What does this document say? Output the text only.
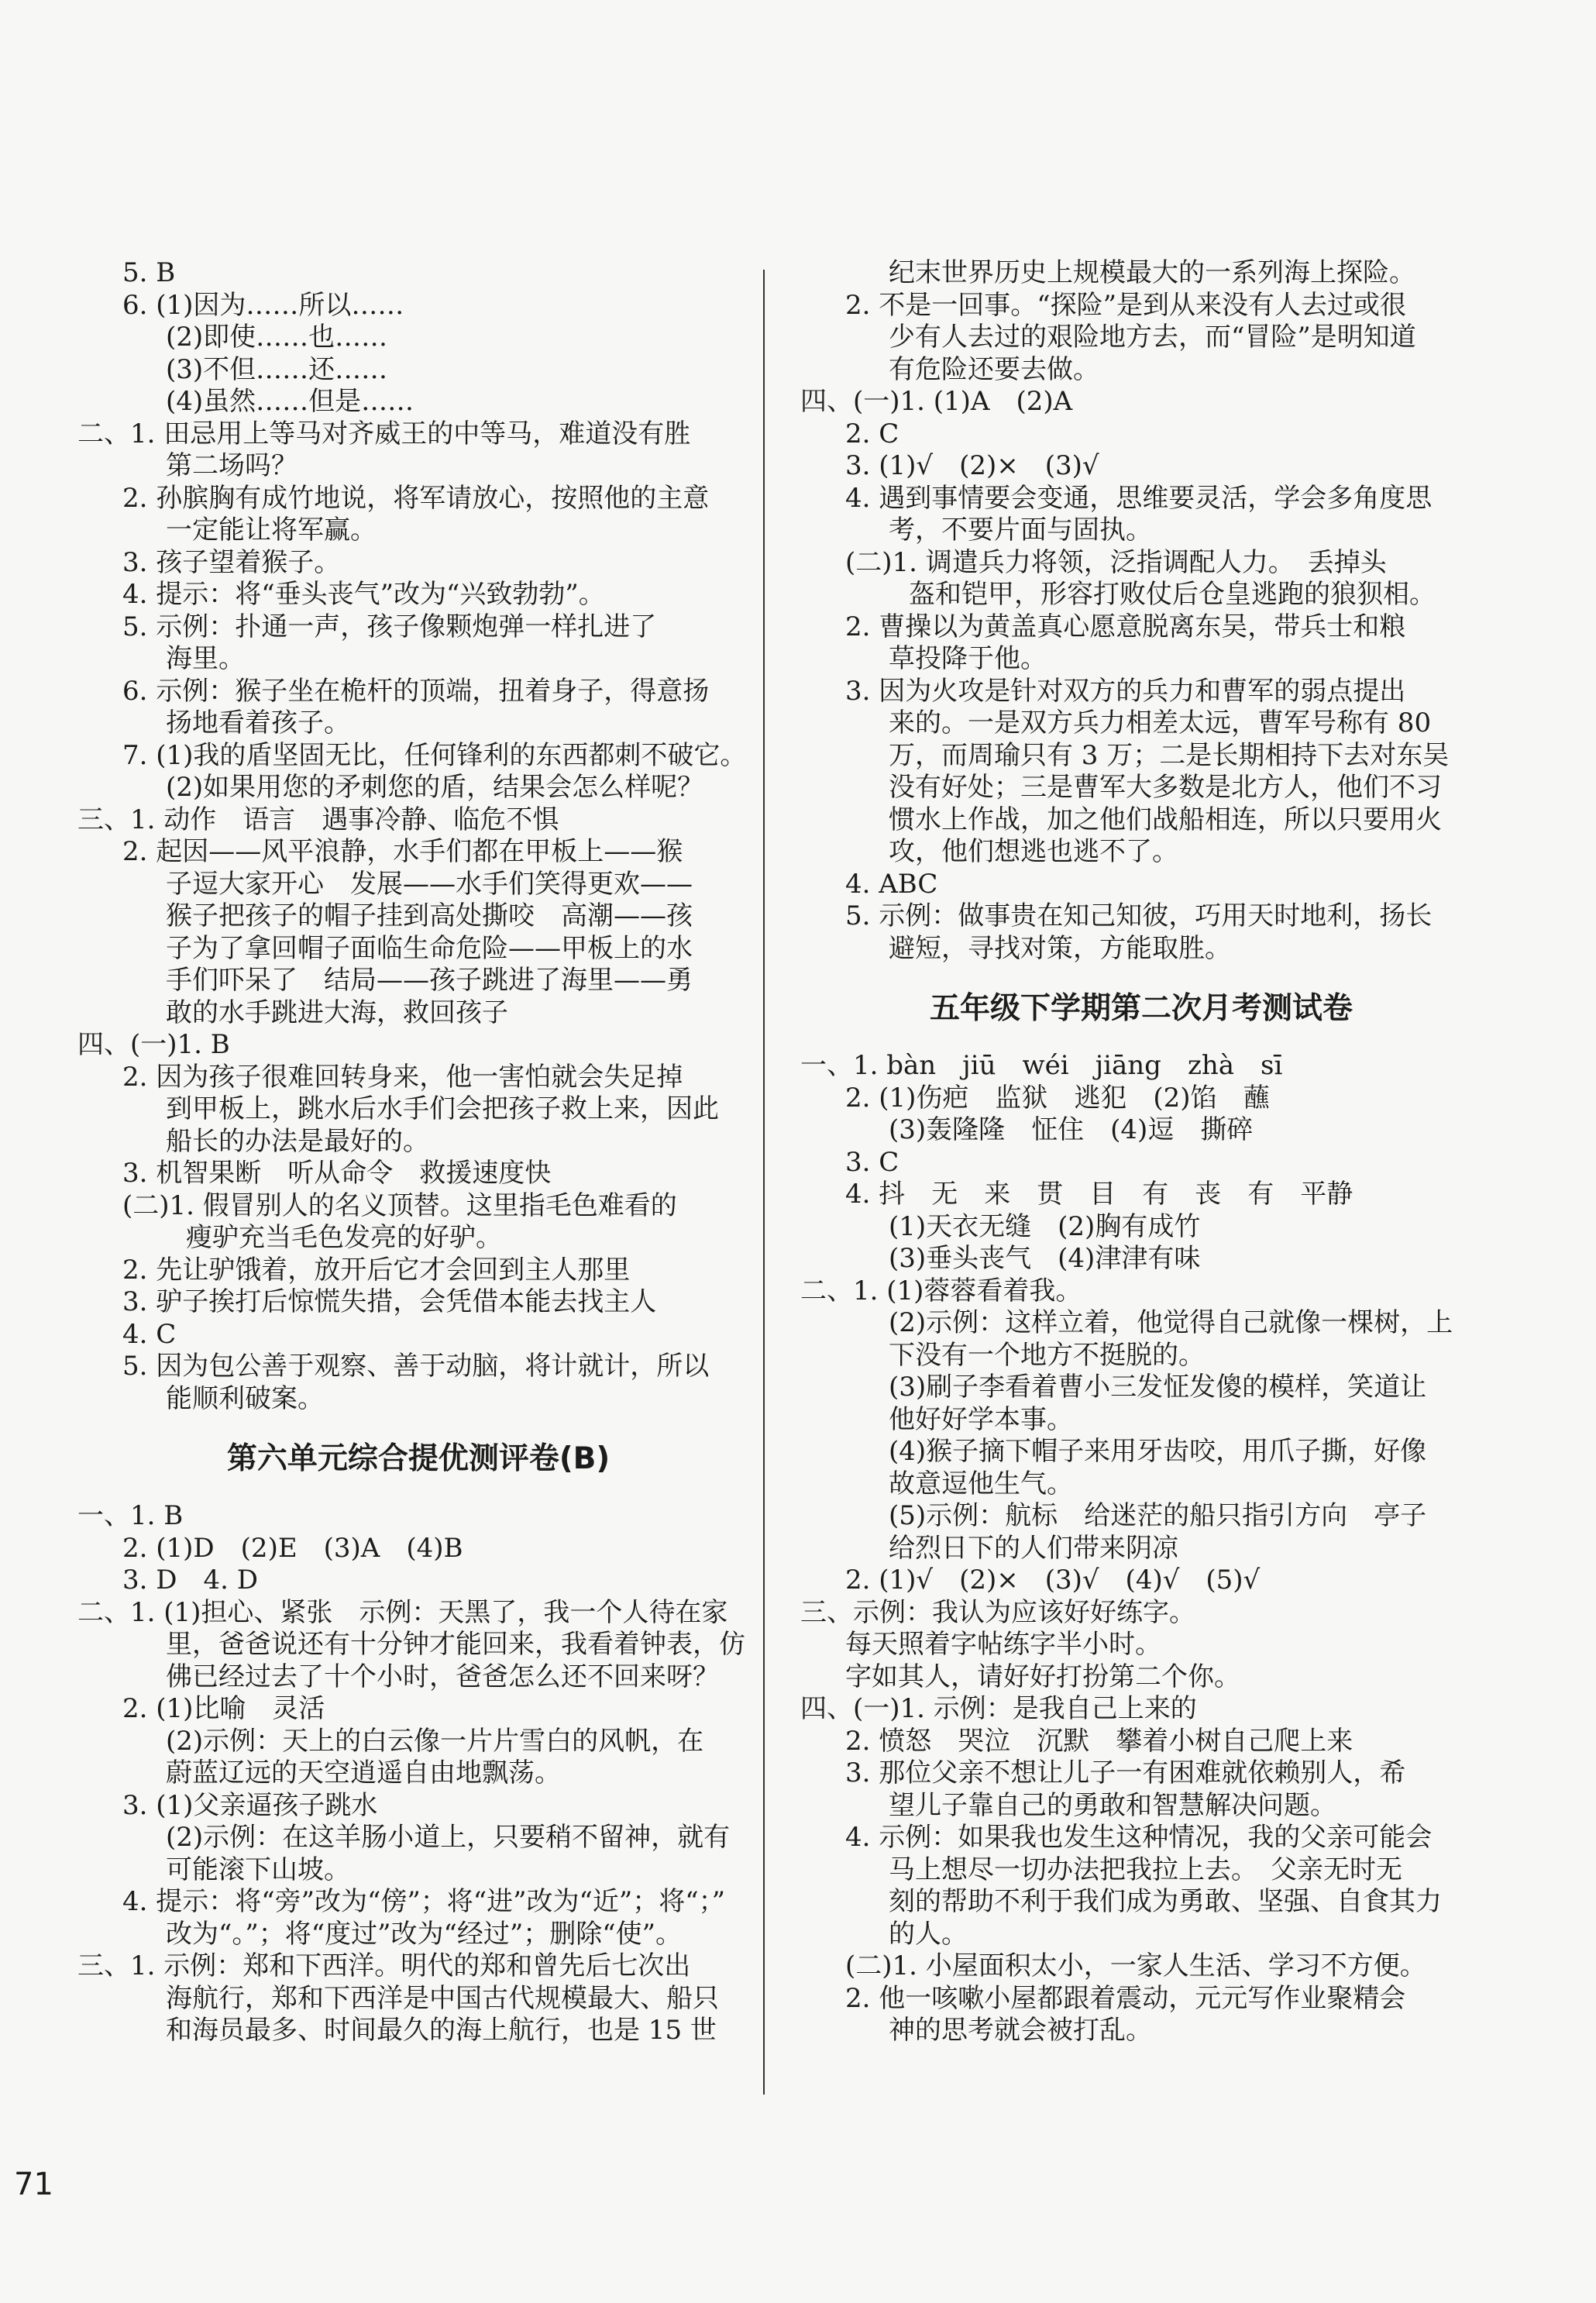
5. B
6. (1)因为……所以……
(2)即使……也……
(3)不但……还……
(4)虽然……但是……
二、1. 田忌用上等马对齐威王的中等马，难道没有胜
第二场吗？
2. 孙膑胸有成竹地说，将军请放心，按照他的主意
一定能让将军赢。
3. 孩子望着猴子。
4. 提示：将“垂头丧气”改为“兴致勃勃”。
5. 示例：扑通一声，孩子像颗炮弹一样扎进了
海里。
6. 示例：猴子坐在桅杆的顶端，扭着身子，得意扬
扬地看着孩子。
7. (1)我的盾坚固无比，任何锋利的东西都刺不破它。
(2)如果用您的矛刺您的盾，结果会怎么样呢？
三、1. 动作　语言　遇事冷静、临危不惧
2. 起因——风平浪静，水手们都在甲板上——猴
子逗大家开心　发展——水手们笑得更欢——
猴子把孩子的帽子挂到高处撕咬　高潮——孩
子为了拿回帽子面临生命危险——甲板上的水
手们吓呆了　结局——孩子跳进了海里——勇
敢的水手跳进大海，救回孩子
四、(一)1. B
2. 因为孩子很难回转身来，他一害怕就会失足掉
到甲板上，跳水后水手们会把孩子救上来，因此
船长的办法是最好的。
3. 机智果断　听从命令　救援速度快
(二)1. 假冒别人的名义顶替。这里指毛色难看的
瘦驴充当毛色发亮的好驴。
2. 先让驴饿着，放开后它才会回到主人那里
3. 驴子挨打后惊慌失措，会凭借本能去找主人
4. C
5. 因为包公善于观察、善于动脑，将计就计，所以
能顺利破案。
第六单元综合提优测评卷(B)
一、1. B
2. (1)D　(2)E　(3)A　(4)B
3. D　4. D
二、1. (1)担心、紧张　示例：天黑了，我一个人待在家
里，爸爸说还有十分钟才能回来，我看着钟表，仿
佛已经过去了十个小时，爸爸怎么还不回来呀？
2. (1)比喻　灵活
(2)示例：天上的白云像一片片雪白的风帆，在
蔚蓝辽远的天空逍遥自由地飘荡。
3. (1)父亲逼孩子跳水
(2)示例：在这羊肠小道上，只要稍不留神，就有
可能滚下山坡。
4. 提示：将“旁”改为“傍”；将“进”改为“近”；将“；”
改为“。”；将“度过”改为“经过”；删除“使”。
三、1. 示例：郑和下西洋。明代的郑和曾先后七次出
海航行，郑和下西洋是中国古代规模最大、船只
和海员最多、时间最久的海上航行，也是 15 世
纪末世界历史上规模最大的一系列海上探险。
2. 不是一回事。“探险”是到从来没有人去过或很
少有人去过的艰险地方去，而“冒险”是明知道
有危险还要去做。
四、(一)1. (1)A　(2)A
2. C
3. (1)√　(2)×　(3)√
4. 遇到事情要会变通，思维要灵活，学会多角度思
考，不要片面与固执。
(二)1. 调遣兵力将领，泛指调配人力。　丢掉头
盔和铠甲，形容打败仗后仓皇逃跑的狼狈相。
2. 曹操以为黄盖真心愿意脱离东吴，带兵士和粮
草投降于他。
3. 因为火攻是针对双方的兵力和曹军的弱点提出
来的。一是双方兵力相差太远，曹军号称有 80
万，而周瑜只有 3 万；二是长期相持下去对东吴
没有好处；三是曹军大多数是北方人，他们不习
惯水上作战，加之他们战船相连，所以只要用火
攻，他们想逃也逃不了。
4. ABC
5. 示例：做事贵在知己知彼，巧用天时地利，扬长
避短，寻找对策，方能取胜。
五年级下学期第二次月考测试卷
一、1. bàn　jiū　wéi　jiāng　zhà　sī
2. (1)伤疤　监狱　逃犯　(2)馅　蘸
(3)轰隆隆　怔住　(4)逗　撕碎
3. C
4. 抖　无　来　贯　目　有　丧　有　平静
(1)天衣无缝　(2)胸有成竹
(3)垂头丧气　(4)津津有味
二、1. (1)蓉蓉看着我。
(2)示例：这样立着，他觉得自己就像一棵树，上
下没有一个地方不挺脱的。
(3)刷子李看着曹小三发怔发傻的模样，笑道让
他好好学本事。
(4)猴子摘下帽子来用牙齿咬，用爪子撕，好像
故意逗他生气。
(5)示例：航标　给迷茫的船只指引方向　亭子
给烈日下的人们带来阴凉
2. (1)√　(2)×　(3)√　(4)√　(5)√
三、示例：我认为应该好好练字。
每天照着字帖练字半小时。
字如其人，请好好打扮第二个你。
四、(一)1. 示例：是我自己上来的
2. 愤怒　哭泣　沉默　攀着小树自己爬上来
3. 那位父亲不想让儿子一有困难就依赖别人，希
望儿子靠自己的勇敢和智慧解决问题。
4. 示例：如果我也发生这种情况，我的父亲可能会
马上想尽一切办法把我拉上去。　父亲无时无
刻的帮助不利于我们成为勇敢、坚强、自食其力
的人。
(二)1. 小屋面积太小，一家人生活、学习不方便。
2. 他一咳嗽小屋都跟着震动，元元写作业聚精会
神的思考就会被打乱。
71
